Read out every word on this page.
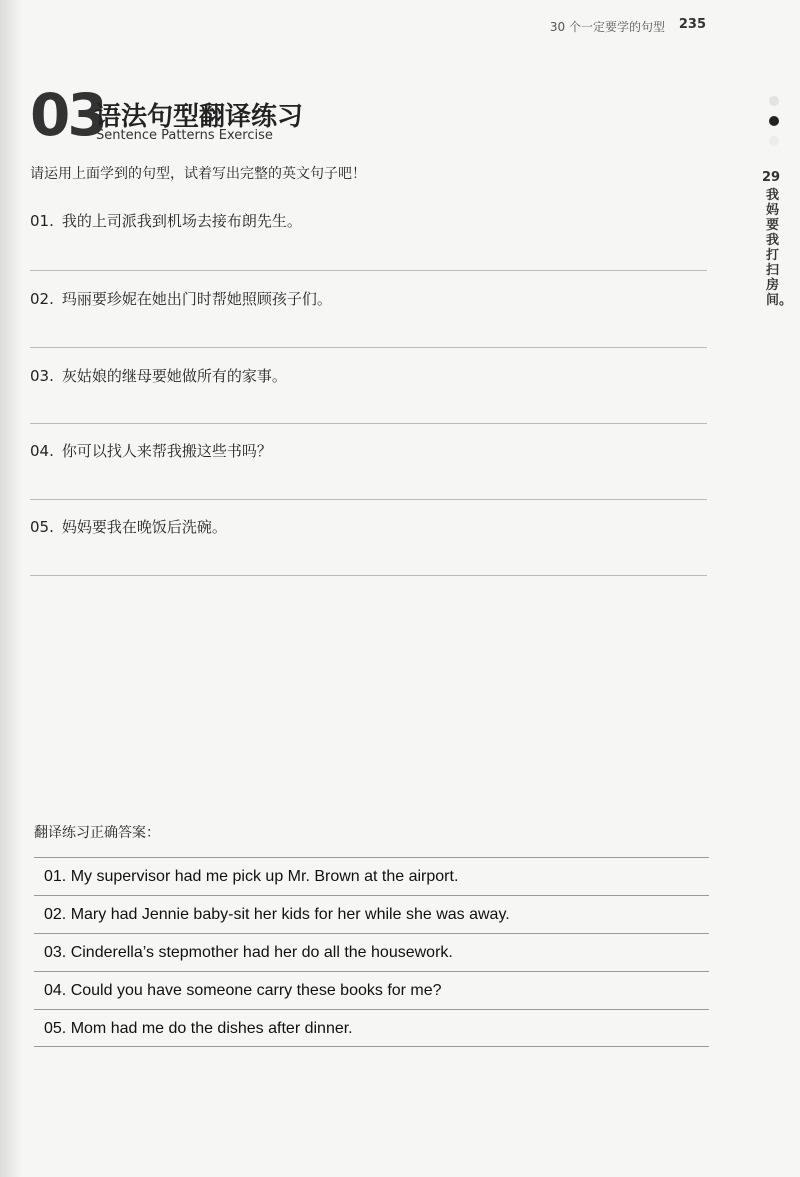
30 个一定要学的句型 235
03
语法句型翻译练习
Sentence Patterns Exercise
请运用上面学到的句型，试着写出完整的英文句子吧！
01. 我的上司派我到机场去接布朗先生。
02. 玛丽要珍妮在她出门时帮她照顾孩子们。
03. 灰姑娘的继母要她做所有的家事。
04. 你可以找人来帮我搬这些书吗？
05. 妈妈要我在晚饭后洗碗。
29
我妈要我打扫房间。
翻译练习正确答案：
01. My supervisor had me pick up Mr. Brown at the airport.
02. Mary had Jennie baby-sit her kids for her while she was away.
03. Cinderella’s stepmother had her do all the housework.
04. Could you have someone carry these books for me?
05. Mom had me do the dishes after dinner.
